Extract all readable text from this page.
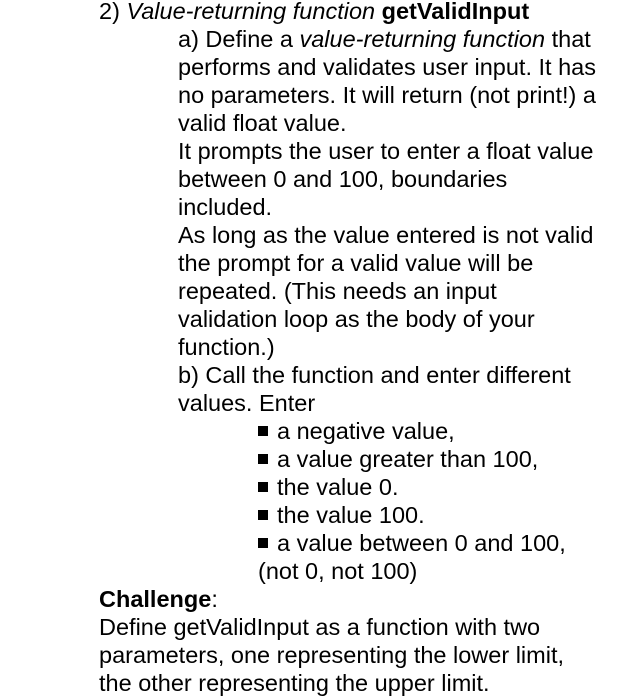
2) Value-returning function getValidInput
a) Define a value-returning function that
performs and validates user input. It has
no parameters. It will return (not print!) a
valid float value.
It prompts the user to enter a float value
between 0 and 100, boundaries
included.
As long as the value entered is not valid
the prompt for a valid value will be
repeated. (This needs an input
validation loop as the body of your
function.)
b) Call the function and enter different
values. Enter
a negative value,
a value greater than 100,
the value 0.
the value 100.
a value between 0 and 100,
(not 0, not 100)
Challenge:
Define getValidInput as a function with two
parameters, one representing the lower limit,
the other representing the upper limit.
